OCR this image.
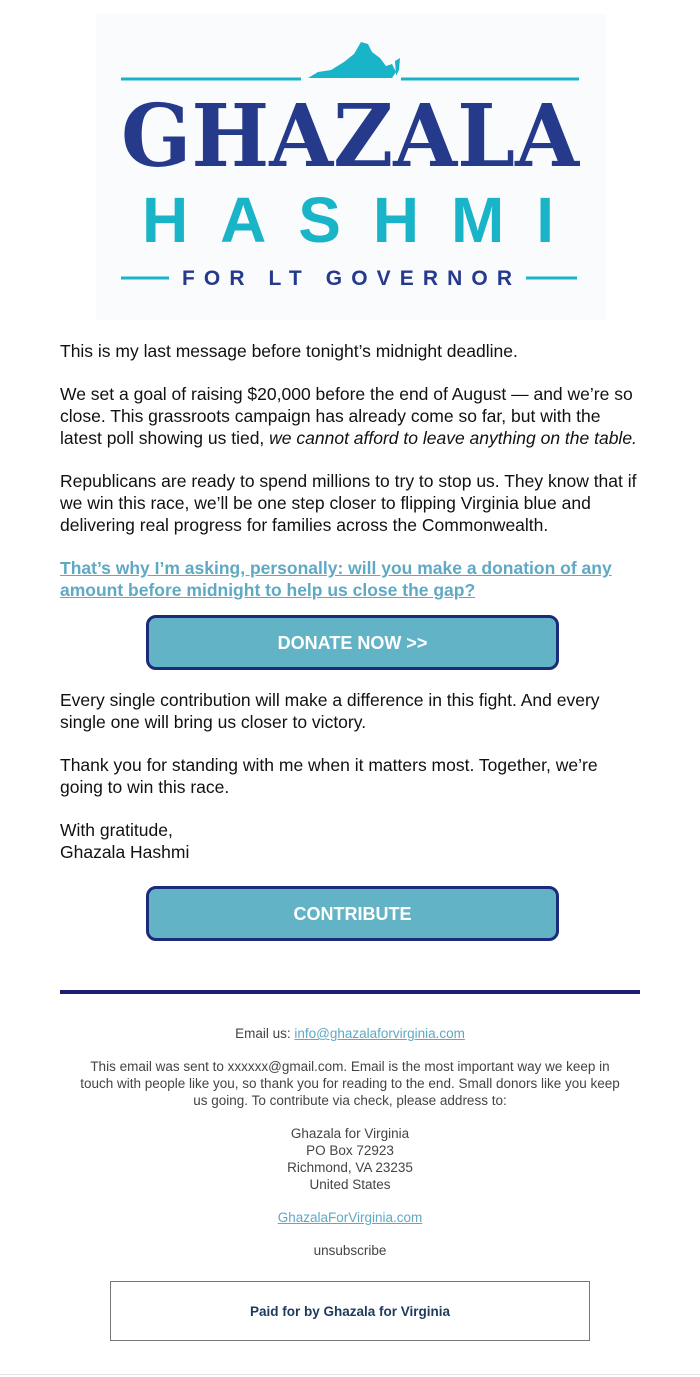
GHAZALA
HASHMI
FOR LT GOVERNOR

This is my last message before tonight’s midnight deadline.

We set a goal of raising $20,000 before the end of August — and we’re so close. This grassroots campaign has already come so far, but with the latest poll showing us tied, we cannot afford to leave anything on the table.

Republicans are ready to spend millions to try to stop us. They know that if we win this race, we’ll be one step closer to flipping Virginia blue and delivering real progress for families across the Commonwealth.

That’s why I’m asking, personally: will you make a donation of any amount before midnight to help us close the gap?
DONATE NOW >>

Every single contribution will make a difference in this fight. And every single one will bring us closer to victory.

Thank you for standing with me when it matters most. Together, we’re going to win this race.

With gratitude,
Ghazala Hashmi

CONTRIBUTE

Email us: info@ghazalaforvirginia.com

This email was sent to xxxxxx@gmail.com. Email is the most important way we keep in touch with people like you, so thank you for reading to the end. Small donors like you keep us going. To contribute via check, please address to:

Ghazala for Virginia
PO Box 72923
Richmond, VA 23235
United States

GhazalaForVirginia.com

unsubscribe

Paid for by Ghazala for Virginia
